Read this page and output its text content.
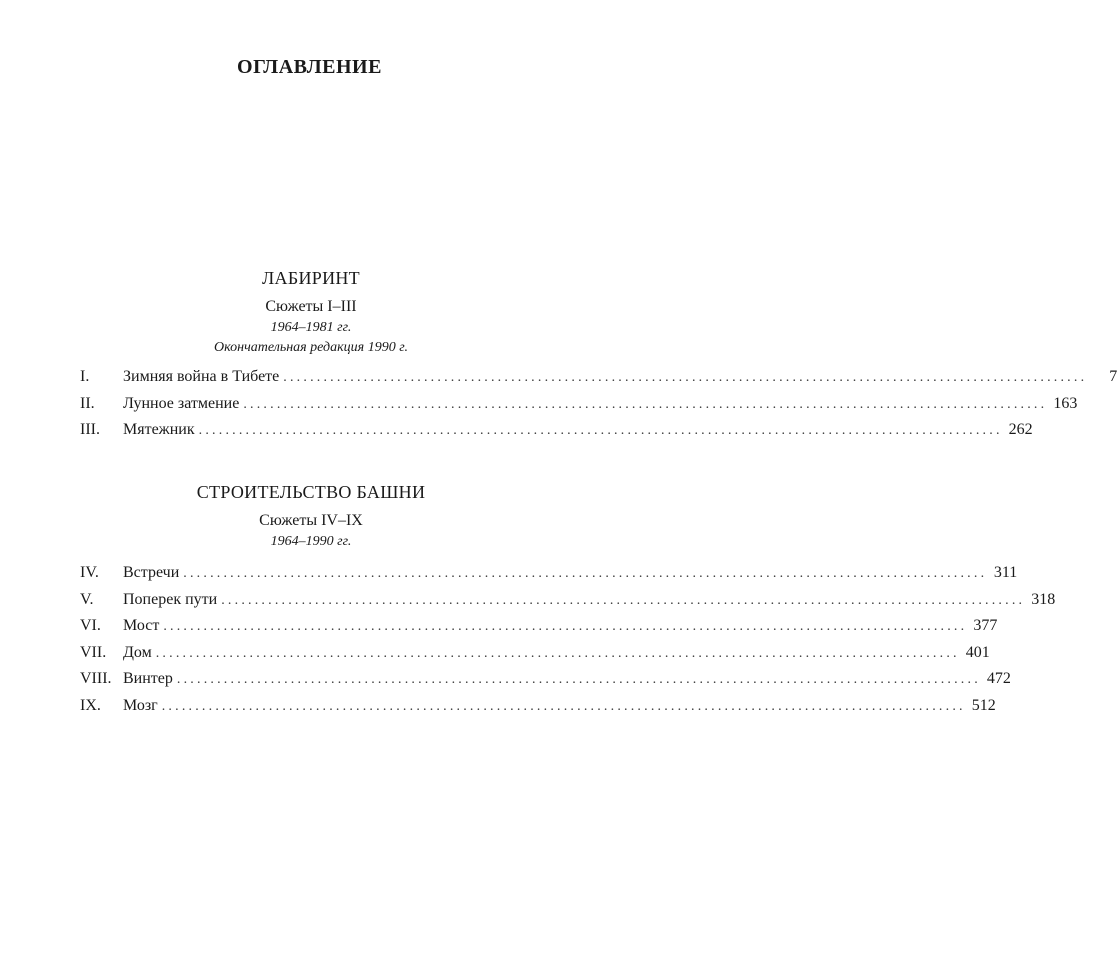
ОГЛАВЛЕНИЕ
ЛАБИРИНТ
Сюжеты I–III
1964–1981 гг.
Окончательная редакция 1990 г.
I.	Зимняя война в Тибете ........................................................................................................................	7
II.	Лунное затмение ........................................................................................................................ 163
III.	Мятежник ........................................................................................................................ 262
СТРОИТЕЛЬСТВО БАШНИ
Сюжеты IV–IX
1964–1990 гг.
IV.	Встречи ........................................................................................................................ 311
V.	Поперек пути ........................................................................................................................ 318
VI.	Мост ........................................................................................................................ 377
VII.	Дом ........................................................................................................................ 401
VIII. Винтер ........................................................................................................................ 472
IX.	Мозг ........................................................................................................................ 512
